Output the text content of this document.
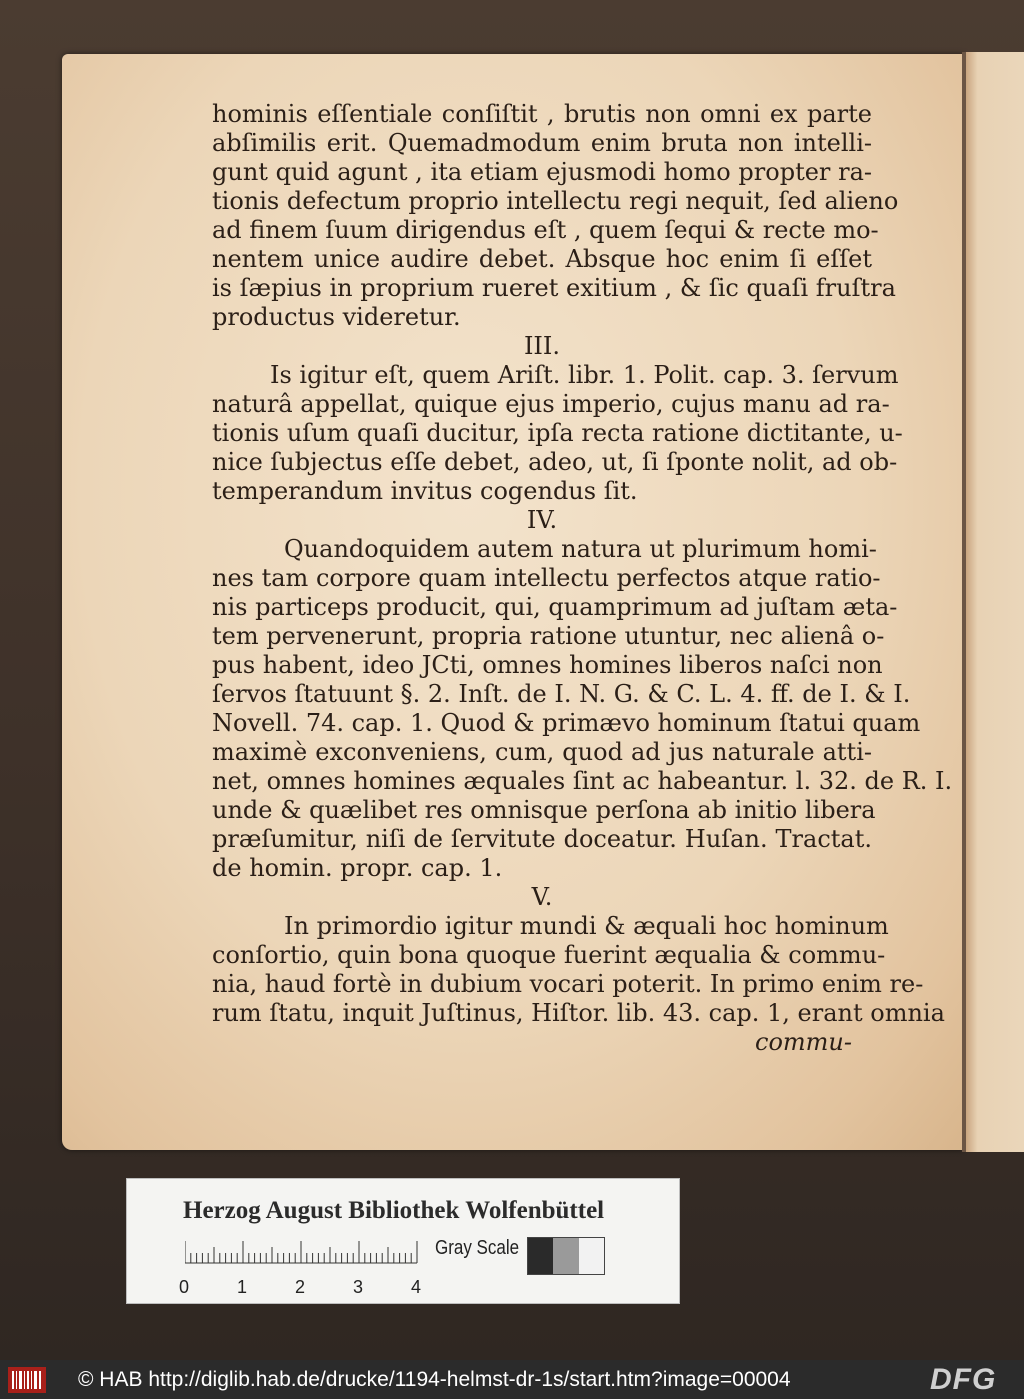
hominis eſſentiale conſiſtit , brutis non omni ex parte
abſimilis erit. Quemadmodum enim bruta non intelli-
gunt quid agunt , ita etiam ejusmodi homo propter ra-
tionis defectum proprio intellectu regi nequit, ſed alieno
ad finem ſuum dirigendus eſt , quem ſequi & recte mo-
nentem unice audire debet. Absque hoc enim ſi eſſet
is ſæpius in proprium rueret exitium , & ſic quaſi fruſtra
productus videretur.
III.
Is igitur eſt, quem Ariſt. libr. 1. Polit. cap. 3. ſervum
naturâ appellat, quique ejus imperio, cujus manu ad ra-
tionis uſum quaſi ducitur, ipſa recta ratione dictitante, u-
nice ſubjectus eſſe debet, adeo, ut, ſi ſponte nolit, ad ob-
temperandum invitus cogendus ſit.
IV.
Quandoquidem autem natura ut plurimum homi-
nes tam corpore quam intellectu perfectos atque ratio-
nis particeps producit, qui, quamprimum ad juſtam æta-
tem pervenerunt, propria ratione utuntur, nec alienâ o-
pus habent, ideo JCti, omnes homines liberos naſci non
ſervos ſtatuunt §. 2. Inſt. de I. N. G. & C. L. 4. ff. de I. & I.
Novell. 74. cap. 1. Quod & primævo hominum ſtatui quam
maximè exconveniens, cum, quod ad jus naturale atti-
net, omnes homines æquales ſint ac habeantur. l. 32. de R. I.
unde & quælibet res omnisque perſona ab initio libera
præſumitur, niſi de ſervitute doceatur. Huſan. Tractat.
de homin. propr. cap. 1.
V.
In primordio igitur mundi & æquali hoc hominum
conſortio, quin bona quoque fuerint æqualia & commu-
nia, haud fortè in dubium vocari poterit. In primo enim re-
rum ſtatu, inquit Juſtinus, Hiſtor. lib. 43. cap. 1, erant omnia
commu-
Herzog August Bibliothek Wolfenbüttel
0	1	2	3	4
Gray Scale
© HAB http://diglib.hab.de/drucke/1194-helmst-dr-1s/start.htm?image=00004	DFG
